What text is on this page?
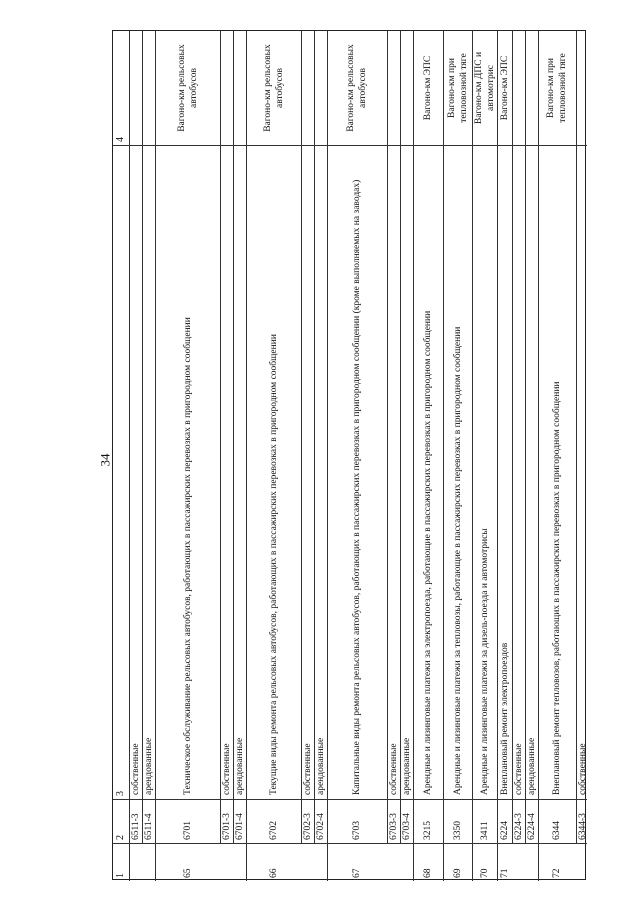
34
4
3
2
1
6511-3
собственные
6511-4
арендованные
65
6701
Техническое обслуживание рельсовых автобусов, работающих в пассажирских перевозках в пригородном сообщении
Вагоно-км рельсовых автобусов
6701-3
собственные
6701-4
арендованные
66
6702
Текущие виды ремонта рельсовых автобусов, работающих в пассажирских перевозках в пригородном сообщении
Вагоно-км рельсовых автобусов
6702-3
собственные
6702-4
арендованные
67
6703
Капитальные виды ремонта рельсовых автобусов, работающих в пассажирских перевозках в пригородном сообщении (кроме выполняемых на заводах)
Вагоно-км рельсовых автобусов
6703-3
собственные
6703-4
арендованные
68
3215
Арендные и лизинговые платежи за электропоезда, работающие в пассажирских перевозках в пригородном сообщении
Вагоно-км ЭПС
69
3350
Арендные и лизинговые платежи за тепловозы, работающие в пассажирских перевозках в пригородном сообщении
Вагоно-км при тепловозной тяге
70
3411
Арендные и лизинговые платежи за дизель-поезда и автомотрисы
Вагоно-км ДПС и автомотрис
71
6224
Внеплановый ремонт электропоездов
Вагоно-км ЭПС
6224-3
собственные
6224-4
арендованные
72
6344
Внеплановый ремонт тепловозов, работающих в пассажирских перевозках в пригородном сообщении
Вагоно-км при тепловозной тяге
6344-3
собственные
